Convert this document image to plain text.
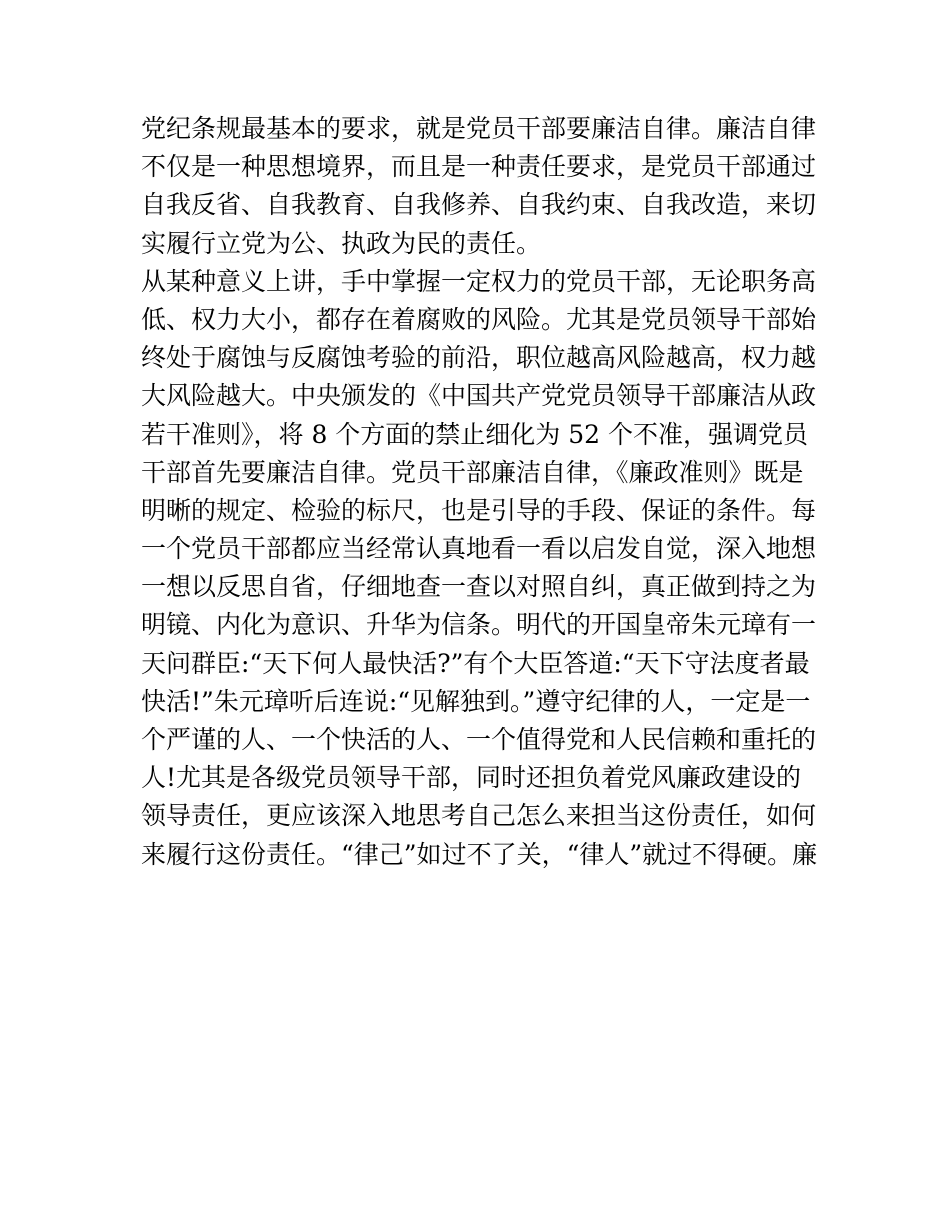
党纪条规最基本的要求，就是党员干部要廉洁自律。廉洁自律
不仅是一种思想境界，而且是一种责任要求，是党员干部通过
自我反省、自我教育、自我修养、自我约束、自我改造，来切
实履行立党为公、执政为民的责任。
从某种意义上讲，手中掌握一定权力的党员干部，无论职务高
低、权力大小，都存在着腐败的风险。尤其是党员领导干部始
终处于腐蚀与反腐蚀考验的前沿，职位越高风险越高，权力越
大风险越大。中央颁发的《中国共产党党员领导干部廉洁从政
若干准则》，将 8 个方面的禁止细化为 52 个不准，强调党员
干部首先要廉洁自律。党员干部廉洁自律，《廉政准则》既是
明晰的规定、检验的标尺，也是引导的手段、保证的条件。每
一个党员干部都应当经常认真地看一看以启发自觉，深入地想
一想以反思自省，仔细地查一查以对照自纠，真正做到持之为
明镜、内化为意识、升华为信条。明代的开国皇帝朱元璋有一
天问群臣:“天下何人最快活?”有个大臣答道:“天下守法度者最
快活!”朱元璋听后连说:“见解独到。”遵守纪律的人，一定是一
个严谨的人、一个快活的人、一个值得党和人民信赖和重托的
人!尤其是各级党员领导干部，同时还担负着党风廉政建设的
领导责任，更应该深入地思考自己怎么来担当这份责任，如何
来履行这份责任。“律己”如过不了关，“律人”就过不得硬。廉
